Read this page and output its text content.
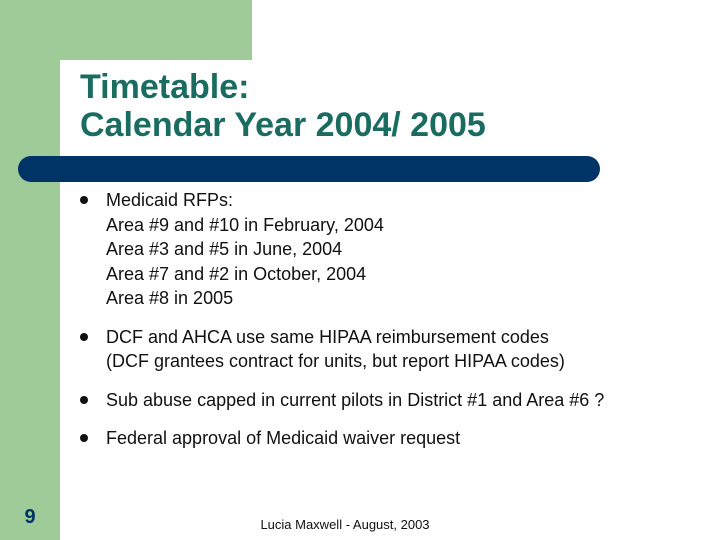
Timetable:
Calendar Year 2004/ 2005
Medicaid RFPs:
Area #9 and #10 in February, 2004
Area #3 and #5 in June, 2004
Area #7 and #2 in October, 2004
Area #8 in 2005
DCF and AHCA use same HIPAA reimbursement codes
(DCF grantees contract for units, but report HIPAA codes)
Sub abuse capped in current pilots in District #1 and Area #6 ?
Federal approval of Medicaid waiver request
9	Lucia Maxwell - August, 2003
